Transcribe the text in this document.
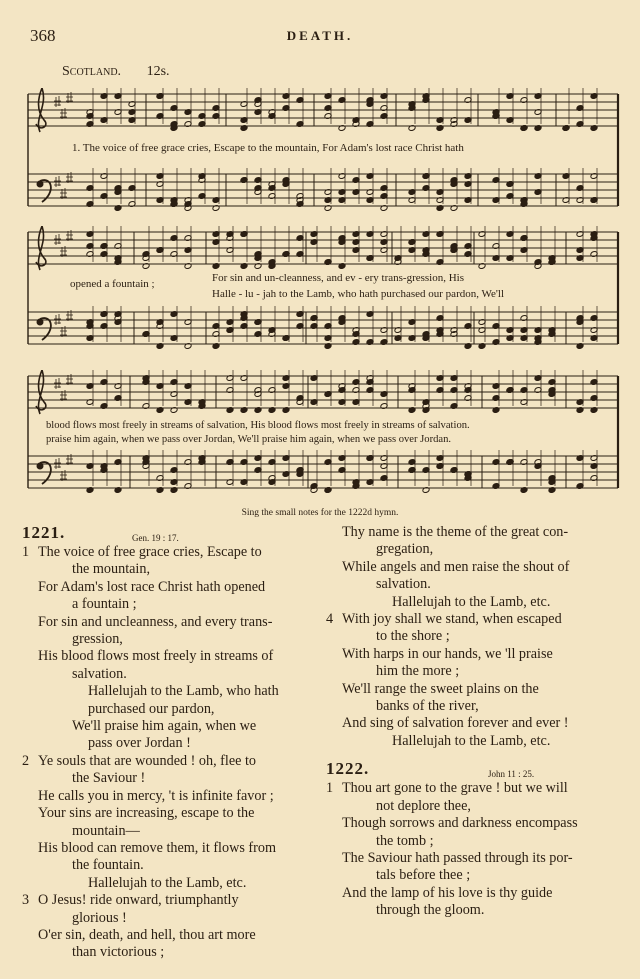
368	DEATH.
Scotland. 12s.
1. The voice of free grace cries, Escape to the mountain, For Adam's lost race Christ hath
opened a fountain ;	For sin and un-cleanness, and ev - ery trans-gression, His
Halle - lu - jah to the Lamb, who hath purchased our pardon, We'll
blood flows most freely in streams of salvation, His blood flows most freely in streams of salvation.
praise him again, when we pass over Jordan, We'll praise him again, when we pass over Jordan.
Sing the small notes for the 1222d hymn.
1221.	Gen. 19 : 17.
1 The voice of free grace cries, Escape to
the mountain,
For Adam's lost race Christ hath opened
a fountain ;
For sin and uncleanness, and every trans-
gression,
His blood flows most freely in streams of
salvation.
Hallelujah to the Lamb, who hath
purchased our pardon,
We'll praise him again, when we
pass over Jordan !
2 Ye souls that are wounded ! oh, flee to
the Saviour !
He calls you in mercy, 't is infinite favor ;
Your sins are increasing, escape to the
mountain—
His blood can remove them, it flows from
the fountain.
Hallelujah to the Lamb, etc.
3 O Jesus! ride onward, triumphantly
glorious !
O'er sin, death, and hell, thou art more
than victorious ;
Thy name is the theme of the great con-
gregation,
While angels and men raise the shout of
salvation.
Hallelujah to the Lamb, etc.
4 With joy shall we stand, when escaped
to the shore ;
With harps in our hands, we 'll praise
him the more ;
We'll range the sweet plains on the
banks of the river,
And sing of salvation forever and ever !
Hallelujah to the Lamb, etc.
1222.	John 11 : 25.
1 Thou art gone to the grave ! but we will
not deplore thee,
Though sorrows and darkness encompass
the tomb ;
The Saviour hath passed through its por-
tals before thee ;
And the lamp of his love is thy guide
through the gloom.
